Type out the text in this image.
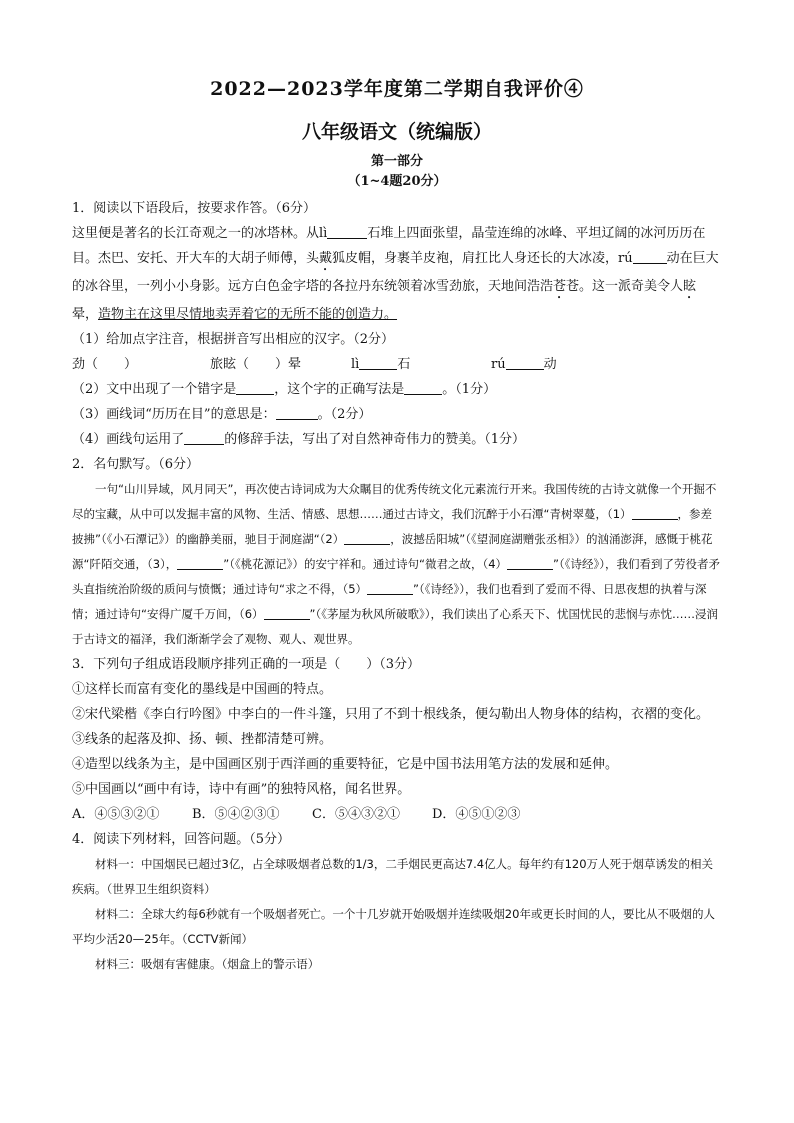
2022—2023学年度第二学期自我评价④
八年级语文（统编版）
第一部分
（1~4题20分）

1．阅读以下语段后，按要求作答。（6分）

这里便是著名的长江奇观之一的冰塔林。从lì	石堆上四面张望，晶莹连绵的冰峰、平坦辽阔的冰河历历在目。杰巴、安托、开大车的大胡子师傅，头戴狐皮帽，身裹羊皮袍，肩扛比人身还长的大冰凌，rú	动在巨大的冰谷里，一列小小身影。远方白色金字塔的各拉丹东统领着冰雪劲旅，天地间浩浩苍苍。这一派奇美令人眩晕，造物主在这里尽情地卖弄着它的无所不能的创造力。

（1）给加点字注音，根据拼音写出相应的汉字。（2分）

劲（　　）	旅眩（　　）晕	lì	石	rú	动

（2）文中出现了一个错字是	，这个字的正确写法是	。（1分）

（3）画线词“历历在目”的意思是：	。（2分）

（4）画线句运用了	的修辞手法，写出了对自然神奇伟力的赞美。（1分）

2．名句默写。（6分）

一句“山川异域，风月同天”，再次使古诗词成为大众瞩目的优秀传统文化元素流行开来。我国传统的古诗文就像一个开掘不尽的宝藏，从中可以发掘丰富的风物、生活、情感、思想……通过古诗文，我们沉醉于小石潭“青树翠蔓，（1）	，参差披拂”（《小石潭记》）的幽静美丽，驰目于洞庭湖“（2）	，波撼岳阳城”（《望洞庭湖赠张丞相》）的汹涌澎湃，感慨于桃花源“阡陌交通，（3），	”（《桃花源记》）的安宁祥和。通过诗句“微君之故，（4）	”（《诗经》），我们看到了劳役者矛头直指统治阶级的质问与愤慨；通过诗句“求之不得，（5）	”（《诗经》），我们也看到了爱而不得、日思夜想的执着与深情；通过诗句“安得广厦千万间，（6）	”（《茅屋为秋风所破歌》），我们读出了心系天下、忧国忧民的悲悯与赤忱……浸润于古诗文的福泽，我们渐渐学会了观物、观人、观世界。

3．下列句子组成语段顺序排列正确的一项是（　　）（3分）

①这样长而富有变化的墨线是中国画的特点。

②宋代梁楷《李白行吟图》中李白的一件斗篷，只用了不到十根线条，便勾勒出人物身体的结构，衣褶的变化。

③线条的起落及抑、扬、顿、挫都清楚可辨。

④造型以线条为主，是中国画区别于西洋画的重要特征，它是中国书法用笔方法的发展和延伸。

⑤中国画以“画中有诗，诗中有画”的独特风格，闻名世界。

A．④⑤③②①	B．⑤④②③①	C．⑤④③②①	D．④⑤①②③

4．阅读下列材料，回答问题。（5分）

材料一：中国烟民已超过3亿，占全球吸烟者总数的1/3，二手烟民更高达7.4亿人。每年约有120万人死于烟草诱发的相关疾病。（世界卫生组织资料）

材料二：全球大约每6秒就有一个吸烟者死亡。一个十几岁就开始吸烟并连续吸烟20年或更长时间的人，要比从不吸烟的人平均少活20—25年。（CCTV新闻）

材料三：吸烟有害健康。（烟盒上的警示语）
